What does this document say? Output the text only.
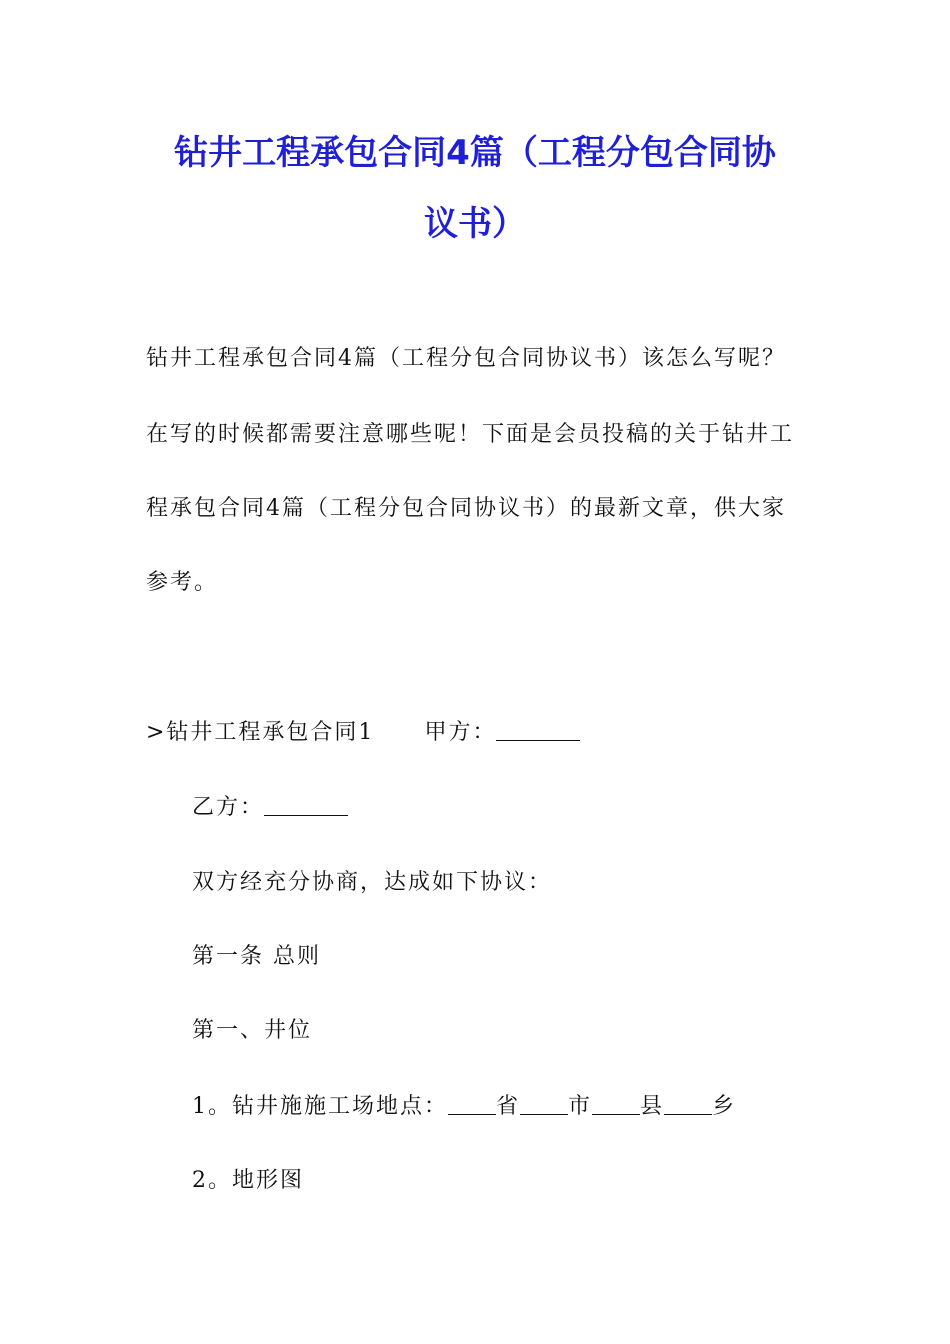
钻井工程承包合同4篇（工程分包合同协
议书）
钻井工程承包合同4篇（工程分包合同协议书）该怎么写呢？
在写的时候都需要注意哪些呢！下面是会员投稿的关于钻井工
程承包合同4篇（工程分包合同协议书）的最新文章，供大家
参考。
>钻井工程承包合同1 甲方：
乙方：
双方经充分协商，达成如下协议：
第一条 总则
第一、井位
1。钻井施施工场地点： 省 市 县 乡
2。地形图
